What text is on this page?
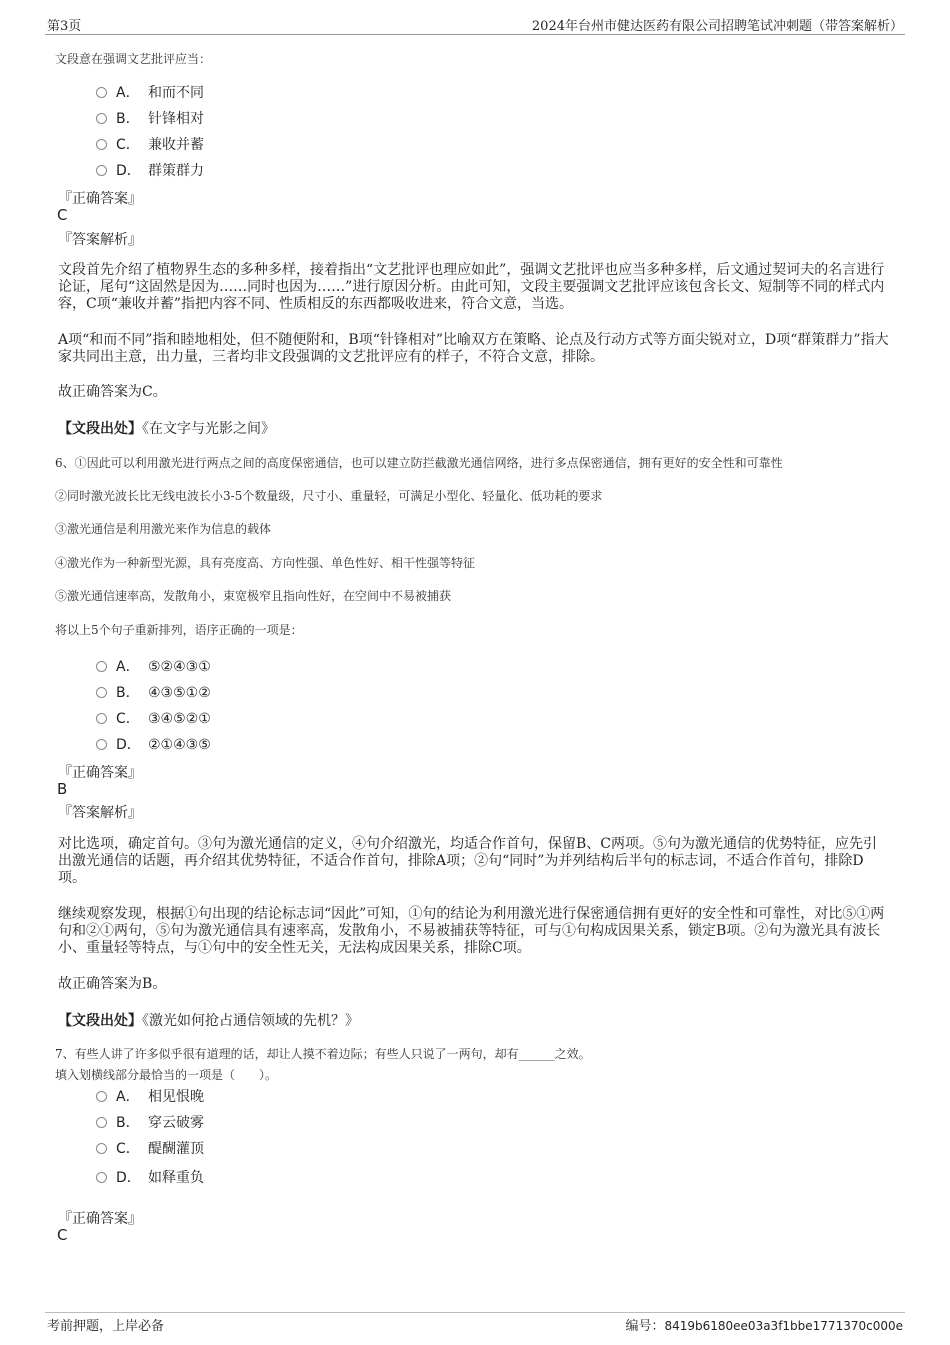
第3页	2024年台州市健达医药有限公司招聘笔试冲刺题（带答案解析）
文段意在强调文艺批评应当：
A． 和而不同
B． 针锋相对
C． 兼收并蓄
D． 群策群力
『正确答案』
C
『答案解析』
文段首先介绍了植物界生态的多种多样，接着指出“文艺批评也理应如此”，强调文艺批评也应当多种多样，后文通过契诃夫的名言进行论证，尾句“这固然是因为……同时也因为……”进行原因分析。由此可知，文段主要强调文艺批评应该包含长文、短制等不同的样式内容，C项“兼收并蓄”指把内容不同、性质相反的东西都吸收进来，符合文意，当选。
A项“和而不同”指和睦地相处，但不随便附和，B项“针锋相对”比喻双方在策略、论点及行动方式等方面尖锐对立，D项“群策群力”指大家共同出主意，出力量，三者均非文段强调的文艺批评应有的样子，不符合文意，排除。
故正确答案为C。
【文段出处】《在文字与光影之间》
6、①因此可以利用激光进行两点之间的高度保密通信，也可以建立防拦截激光通信网络，进行多点保密通信，拥有更好的安全性和可靠性
②同时激光波长比无线电波长小3-5个数量级，尺寸小、重量轻，可满足小型化、轻量化、低功耗的要求
③激光通信是利用激光来作为信息的载体
④激光作为一种新型光源，具有亮度高、方向性强、单色性好、相干性强等特征
⑤激光通信速率高，发散角小，束宽极窄且指向性好，在空间中不易被捕获
将以上5个句子重新排列，语序正确的一项是：
A． ⑤②④③①
B． ④③⑤①②
C． ③④⑤②①
D． ②①④③⑤
『正确答案』
B
『答案解析』
对比选项，确定首句。③句为激光通信的定义，④句介绍激光，均适合作首句，保留B、C两项。⑤句为激光通信的优势特征，应先引出激光通信的话题，再介绍其优势特征，不适合作首句，排除A项；②句“同时”为并列结构后半句的标志词，不适合作首句，排除D项。
继续观察发现，根据①句出现的结论标志词“因此”可知，①句的结论为利用激光进行保密通信拥有更好的安全性和可靠性，对比⑤①两句和②①两句，⑤句为激光通信具有速率高，发散角小，不易被捕获等特征，可与①句构成因果关系，锁定B项。②句为激光具有波长小、重量轻等特点，与①句中的安全性无关，无法构成因果关系，排除C项。
故正确答案为B。
【文段出处】《激光如何抢占通信领域的先机？》
7、有些人讲了许多似乎很有道理的话，却让人摸不着边际；有些人只说了一两句，却有______之效。
填入划横线部分最恰当的一项是（　　）。
A． 相见恨晚
B． 穿云破雾
C． 醍醐灌顶
D． 如释重负
『正确答案』
C
考前押题，上岸必备	编号：8419b6180ee03a3f1bbe1771370c000e
